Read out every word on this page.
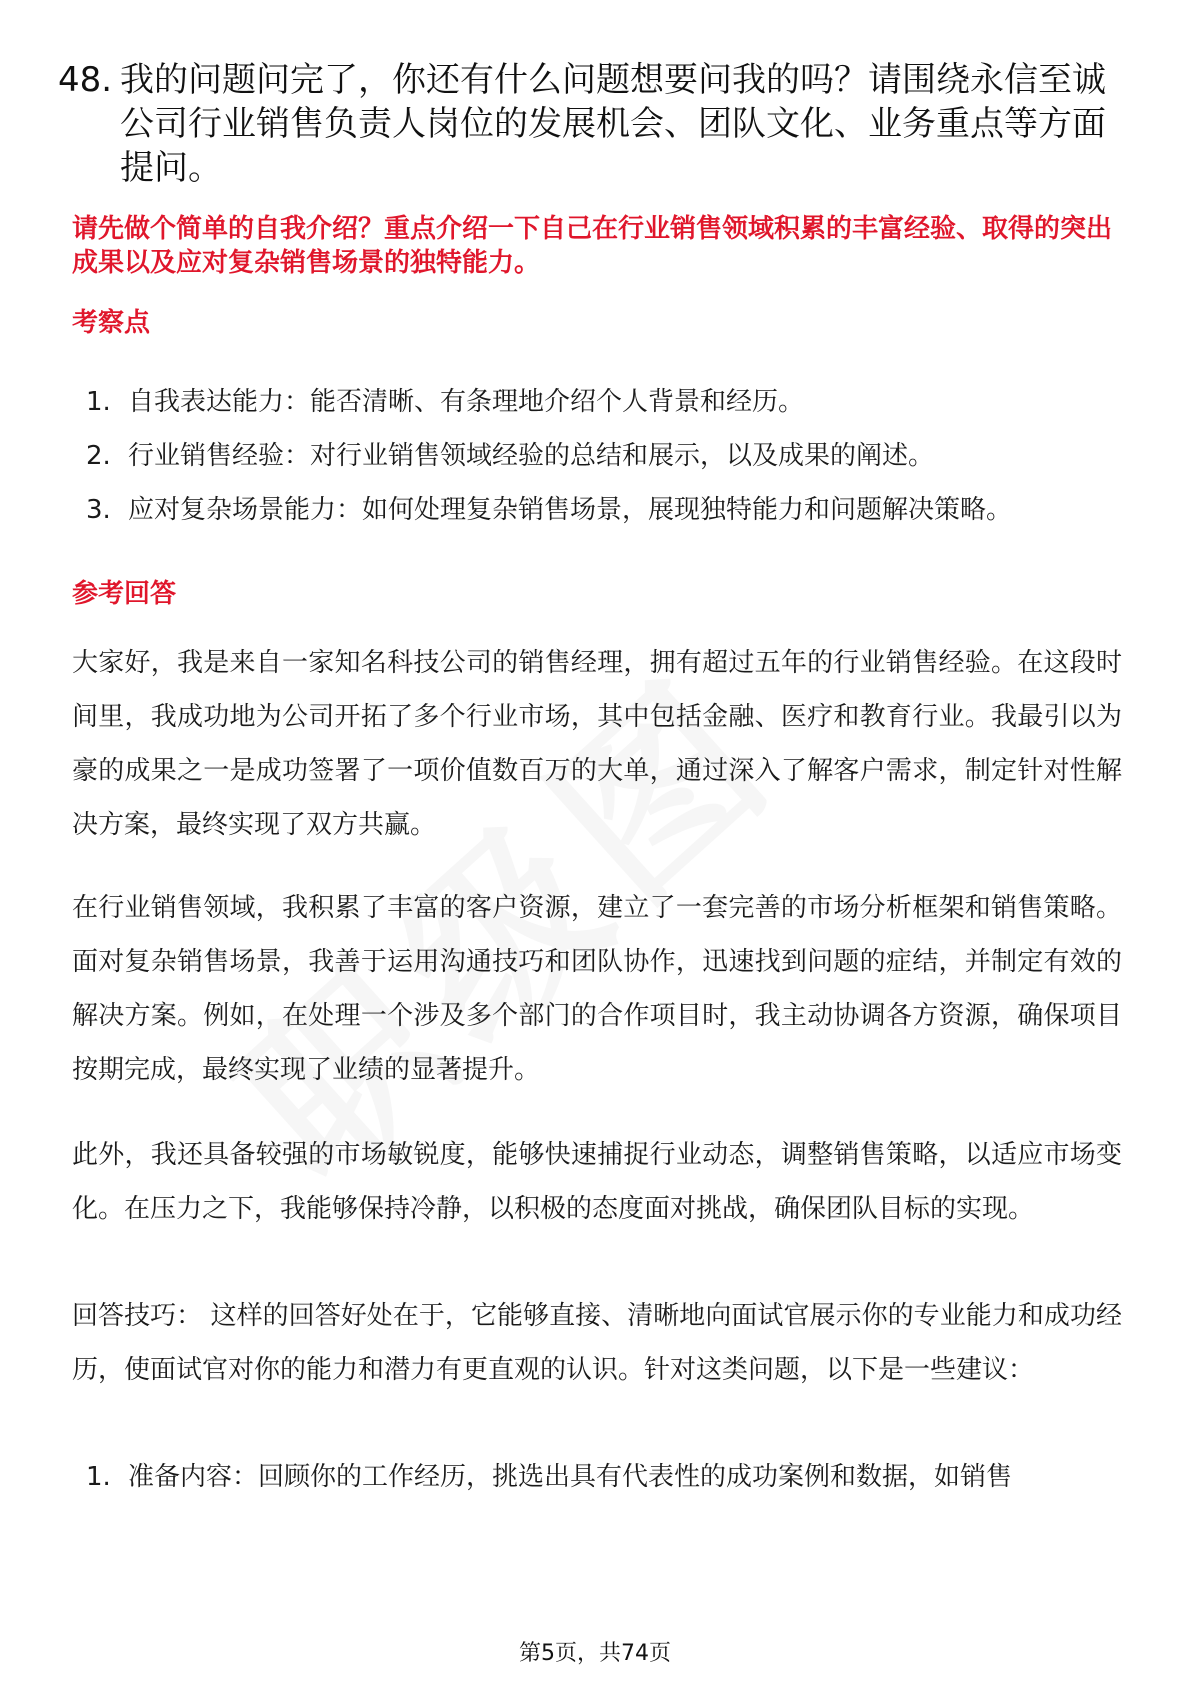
48. 我的问题问完了，你还有什么问题想要问我的吗？请围绕永信至诚公司行业销售负责人岗位的发展机会、团队文化、业务重点等方面提问。
请先做个简单的自我介绍？重点介绍一下自己在行业销售领域积累的丰富经验、取得的突出成果以及应对复杂销售场景的独特能力。
考察点
1. 自我表达能力：能否清晰、有条理地介绍个人背景和经历。
2. 行业销售经验：对行业销售领域经验的总结和展示，以及成果的阐述。
3. 应对复杂场景能力：如何处理复杂销售场景，展现独特能力和问题解决策略。
参考回答
大家好，我是来自一家知名科技公司的销售经理，拥有超过五年的行业销售经验。在这段时间里，我成功地为公司开拓了多个行业市场，其中包括金融、医疗和教育行业。我最引以为豪的成果之一是成功签署了一项价值数百万的大单，通过深入了解客户需求，制定针对性解决方案，最终实现了双方共赢。
在行业销售领域，我积累了丰富的客户资源，建立了一套完善的市场分析框架和销售策略。面对复杂销售场景，我善于运用沟通技巧和团队协作，迅速找到问题的症结，并制定有效的解决方案。例如，在处理一个涉及多个部门的合作项目时，我主动协调各方资源，确保项目按期完成，最终实现了业绩的显著提升。
此外，我还具备较强的市场敏锐度，能够快速捕捉行业动态，调整销售策略，以适应市场变化。在压力之下，我能够保持冷静，以积极的态度面对挑战，确保团队目标的实现。
回答技巧： 这样的回答好处在于，它能够直接、清晰地向面试官展示你的专业能力和成功经历，使面试官对你的能力和潜力有更直观的认识。针对这类问题，以下是一些建议：
1. 准备内容：回顾你的工作经历，挑选出具有代表性的成功案例和数据，如销售
第5页，共74页
